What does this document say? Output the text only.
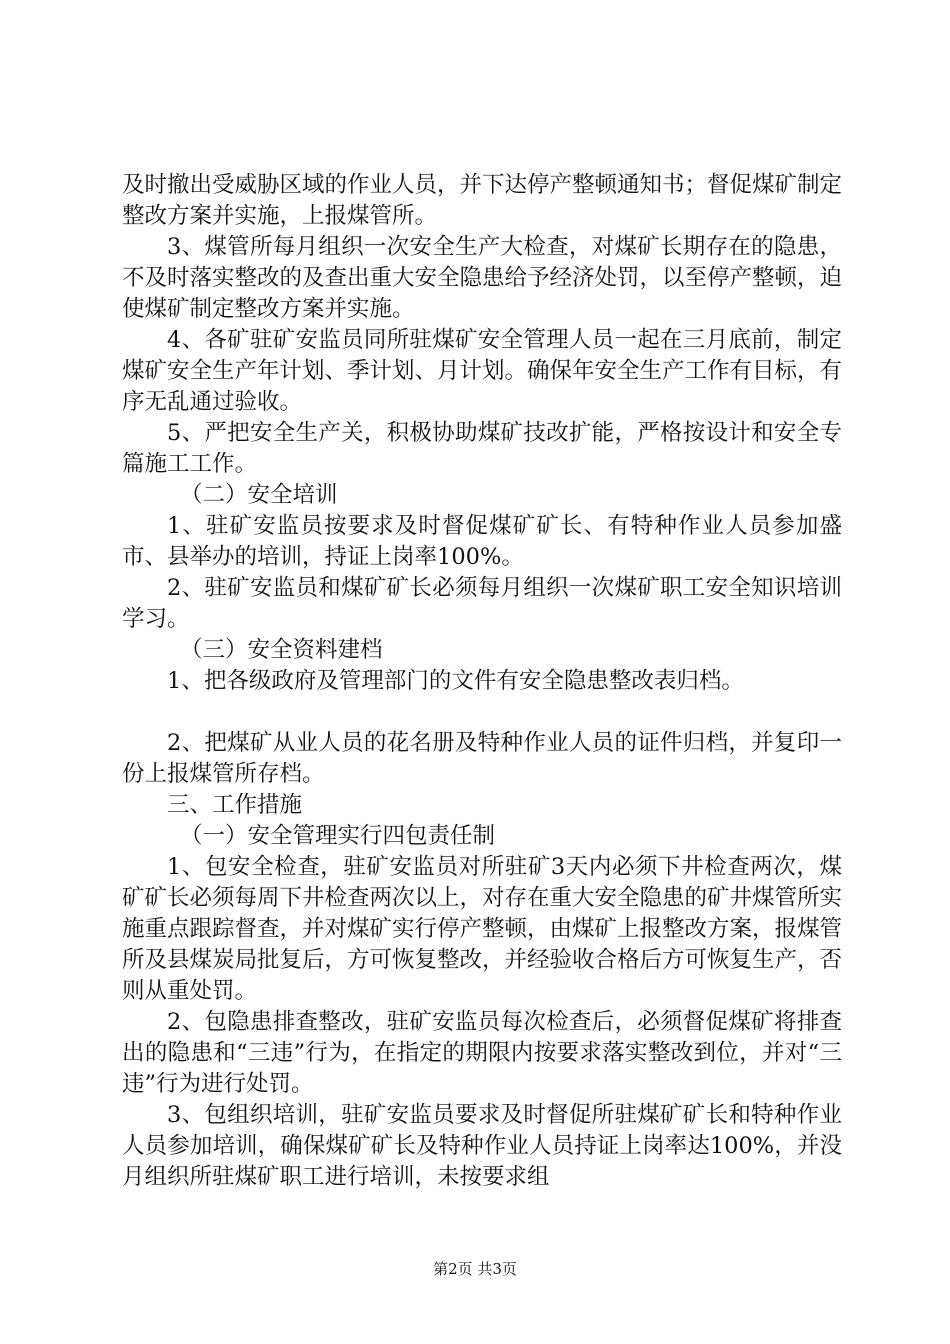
及时撤出受威胁区域的作业人员，并下达停产整顿通知书；督促煤矿制定整改方案并实施，上报煤管所。

3、煤管所每月组织一次安全生产大检查，对煤矿长期存在的隐患，不及时落实整改的及查出重大安全隐患给予经济处罚，以至停产整顿，迫使煤矿制定整改方案并实施。

4、各矿驻矿安监员同所驻煤矿安全管理人员一起在三月底前，制定煤矿安全生产年计划、季计划、月计划。确保年安全生产工作有目标，有序无乱通过验收。

5、严把安全生产关，积极协助煤矿技改扩能，严格按设计和安全专篇施工工作。

（二）安全培训

1、驻矿安监员按要求及时督促煤矿矿长、有特种作业人员参加盛市、县举办的培训，持证上岗率100%。

2、驻矿安监员和煤矿矿长必须每月组织一次煤矿职工安全知识培训学习。

（三）安全资料建档

1、把各级政府及管理部门的文件有安全隐患整改表归档。

2、把煤矿从业人员的花名册及特种作业人员的证件归档，并复印一份上报煤管所存档。

三、工作措施

（一）安全管理实行四包责任制

1、包安全检查，驻矿安监员对所驻矿3天内必须下井检查两次，煤矿矿长必须每周下井检查两次以上，对存在重大安全隐患的矿井煤管所实施重点跟踪督查，并对煤矿实行停产整顿，由煤矿上报整改方案，报煤管所及县煤炭局批复后，方可恢复整改，并经验收合格后方可恢复生产，否则从重处罚。

2、包隐患排查整改，驻矿安监员每次检查后，必须督促煤矿将排查出的隐患和“三违”行为，在指定的期限内按要求落实整改到位，并对“三违”行为进行处罚。

3、包组织培训，驻矿安监员要求及时督促所驻煤矿矿长和特种作业人员参加培训，确保煤矿矿长及特种作业人员持证上岗率达100%，并没月组织所驻煤矿职工进行培训，未按要求组

第2页 共3页
